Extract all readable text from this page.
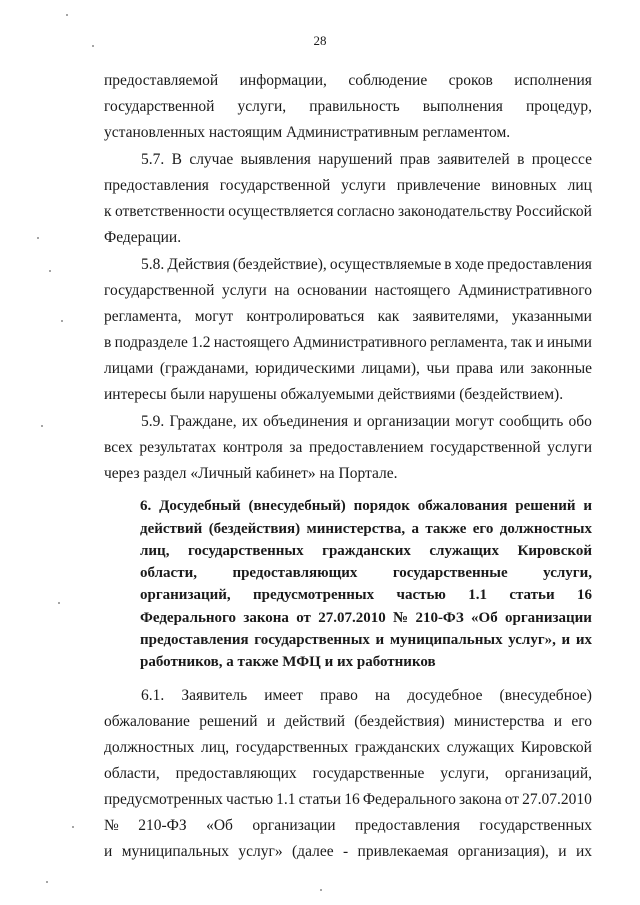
28
предоставляемой информации, соблюдение сроков исполнения
государственной услуги, правильность выполнения процедур,
установленных настоящим Административным регламентом.
5.7. В случае выявления нарушений прав заявителей в процессе
предоставления государственной услуги привлечение виновных лиц
к ответственности осуществляется согласно законодательству Российской
Федерации.
5.8. Действия (бездействие), осуществляемые в ходе предоставления
государственной услуги на основании настоящего Административного
регламента, могут контролироваться как заявителями, указанными
в подразделе 1.2 настоящего Административного регламента, так и иными
лицами (гражданами, юридическими лицами), чьи права или законные
интересы были нарушены обжалуемыми действиями (бездействием).
5.9. Граждане, их объединения и организации могут сообщить обо
всех результатах контроля за предоставлением государственной услуги
через раздел «Личный кабинет» на Портале.
6. Досудебный (внесудебный) порядок обжалования решений и
действий (бездействия) министерства, а также его должностных
лиц, государственных гражданских служащих Кировской
области, предоставляющих государственные услуги,
организаций, предусмотренных частью 1.1 статьи 16
Федерального закона от 27.07.2010 № 210-ФЗ «Об организации
предоставления государственных и муниципальных услуг», и их
работников, а также МФЦ и их работников
6.1. Заявитель имеет право на досудебное (внесудебное)
обжалование решений и действий (бездействия) министерства и его
должностных лиц, государственных гражданских служащих Кировской
области, предоставляющих государственные услуги, организаций,
предусмотренных частью 1.1 статьи 16 Федерального закона от 27.07.2010
№ 210-ФЗ «Об организации предоставления государственных
и муниципальных услуг» (далее - привлекаемая организация), и их
